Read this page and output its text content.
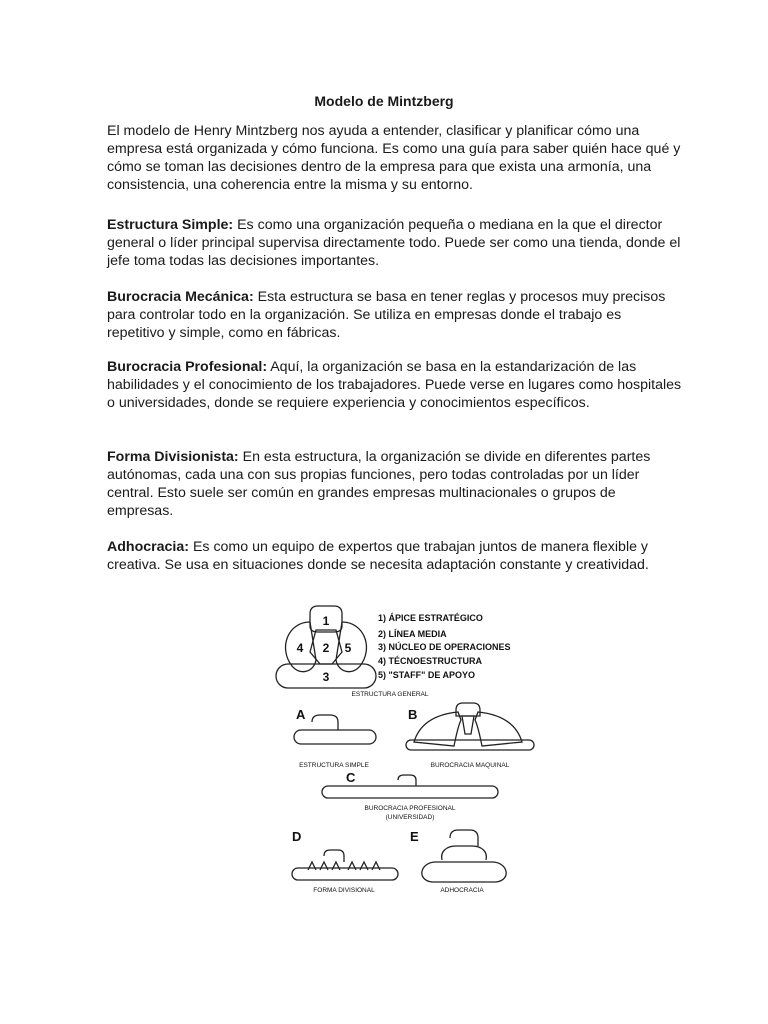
Modelo de Mintzberg

El modelo de Henry Mintzberg nos ayuda a entender, clasificar y planificar cómo una empresa está organizada y cómo funciona. Es como una guía para saber quién hace qué y cómo se toman las decisiones dentro de la empresa para que exista una armonía, una consistencia, una coherencia entre la misma y su entorno.

Estructura Simple: Es como una organización pequeña o mediana en la que el director general o líder principal supervisa directamente todo. Puede ser como una tienda, donde el jefe toma todas las decisiones importantes.

Burocracia Mecánica: Esta estructura se basa en tener reglas y procesos muy precisos para controlar todo en la organización. Se utiliza en empresas donde el trabajo es repetitivo y simple, como en fábricas.

Burocracia Profesional: Aquí, la organización se basa en la estandarización de las habilidades y el conocimiento de los trabajadores. Puede verse en lugares como hospitales o universidades, donde se requiere experiencia y conocimientos específicos.

Forma Divisionista: En esta estructura, la organización se divide en diferentes partes autónomas, cada una con sus propias funciones, pero todas controladas por un líder central. Esto suele ser común en grandes empresas multinacionales o grupos de empresas.

Adhocracia: Es como un equipo de expertos que trabajan juntos de manera flexible y creativa. Se usa en situaciones donde se necesita adaptación constante y creatividad.

1
2
3
4	5
1) ÁPICE ESTRATÉGICO
2) LÍNEA MEDIA
3) NÚCLEO DE OPERACIONES
4) TÉCNOESTRUCTURA
5) "STAFF" DE APOYO
ESTRUCTURA GENERAL
A	B
C
D	E
ESTRUCTURA SIMPLE	BUROCRACIA MAQUINAL
BUROCRACIA PROFESIONAL
(UNIVERSIDAD)
FORMA DIVISIONAL	ADHOCRACIA
